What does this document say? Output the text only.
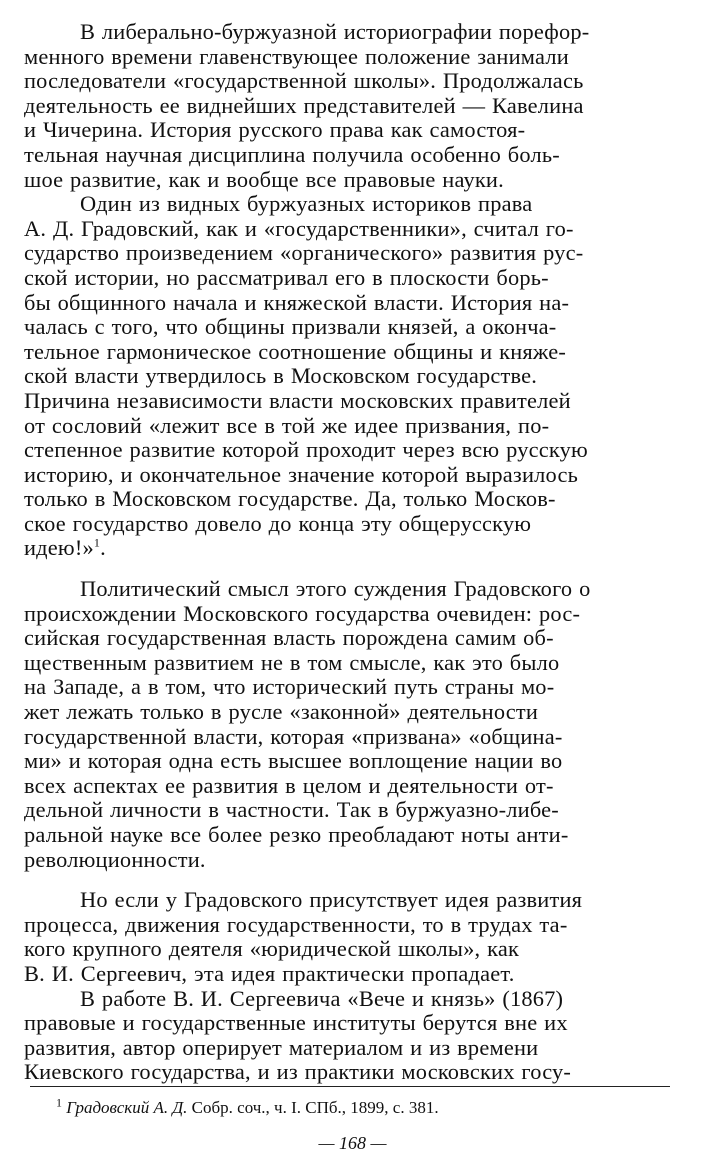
В либерально-буржуазной историографии порефор-
менного времени главенствующее положение занимали
последователи «государственной школы». Продолжалась
деятельность ее виднейших представителей — Кавелина
и Чичерина. История русского права как самостоя-
тельная научная дисциплина получила особенно боль-
шое развитие, как и вообще все правовые науки.

Один из видных буржуазных историков права
А. Д. Градовский, как и «государственники», считал го-
сударство произведением «органического» развития рус-
ской истории, но рассматривал его в плоскости борь-
бы общинного начала и княжеской власти. История на-
чалась с того, что общины призвали князей, а оконча-
тельное гармоническое соотношение общины и княже-
ской власти утвердилось в Московском государстве.
Причина независимости власти московских правителей
от сословий «лежит все в той же идее призвания, по-
степенное развитие которой проходит через всю русскую
историю, и окончательное значение которой выразилось
только в Московском государстве. Да, только Москов-
ское государство довело до конца эту общерусскую
идею!»$^1$.

Политический смысл этого суждения Градовского о
происхождении Московского государства очевиден: рос-
сийская государственная власть порождена самим об-
щественным развитием не в том смысле, как это было
на Западе, а в том, что исторический путь страны мо-
жет лежать только в русле «законной» деятельности
государственной власти, которая «призвана» «община-
ми» и которая одна есть высшее воплощение нации во
всех аспектах ее развития в целом и деятельности от-
дельной личности в частности. Так в буржуазно-либе-
ральной науке все более резко преобладают ноты анти-
революционности.

Но если у Градовского присутствует идея развития
процесса, движения государственности, то в трудах та-
кого крупного деятеля «юридической школы», как
В. И. Сергеевич, эта идея практически пропадает.

В работе В. И. Сергеевича «Вече и князь» (1867)
правовые и государственные институты берутся вне их
развития, автор оперирует материалом и из времени
Киевского государства, и из практики московских госу-

$^1$ Градовский А. Д. Собр. соч., ч. I. СПб., 1899, с. 381.
— 168 —
